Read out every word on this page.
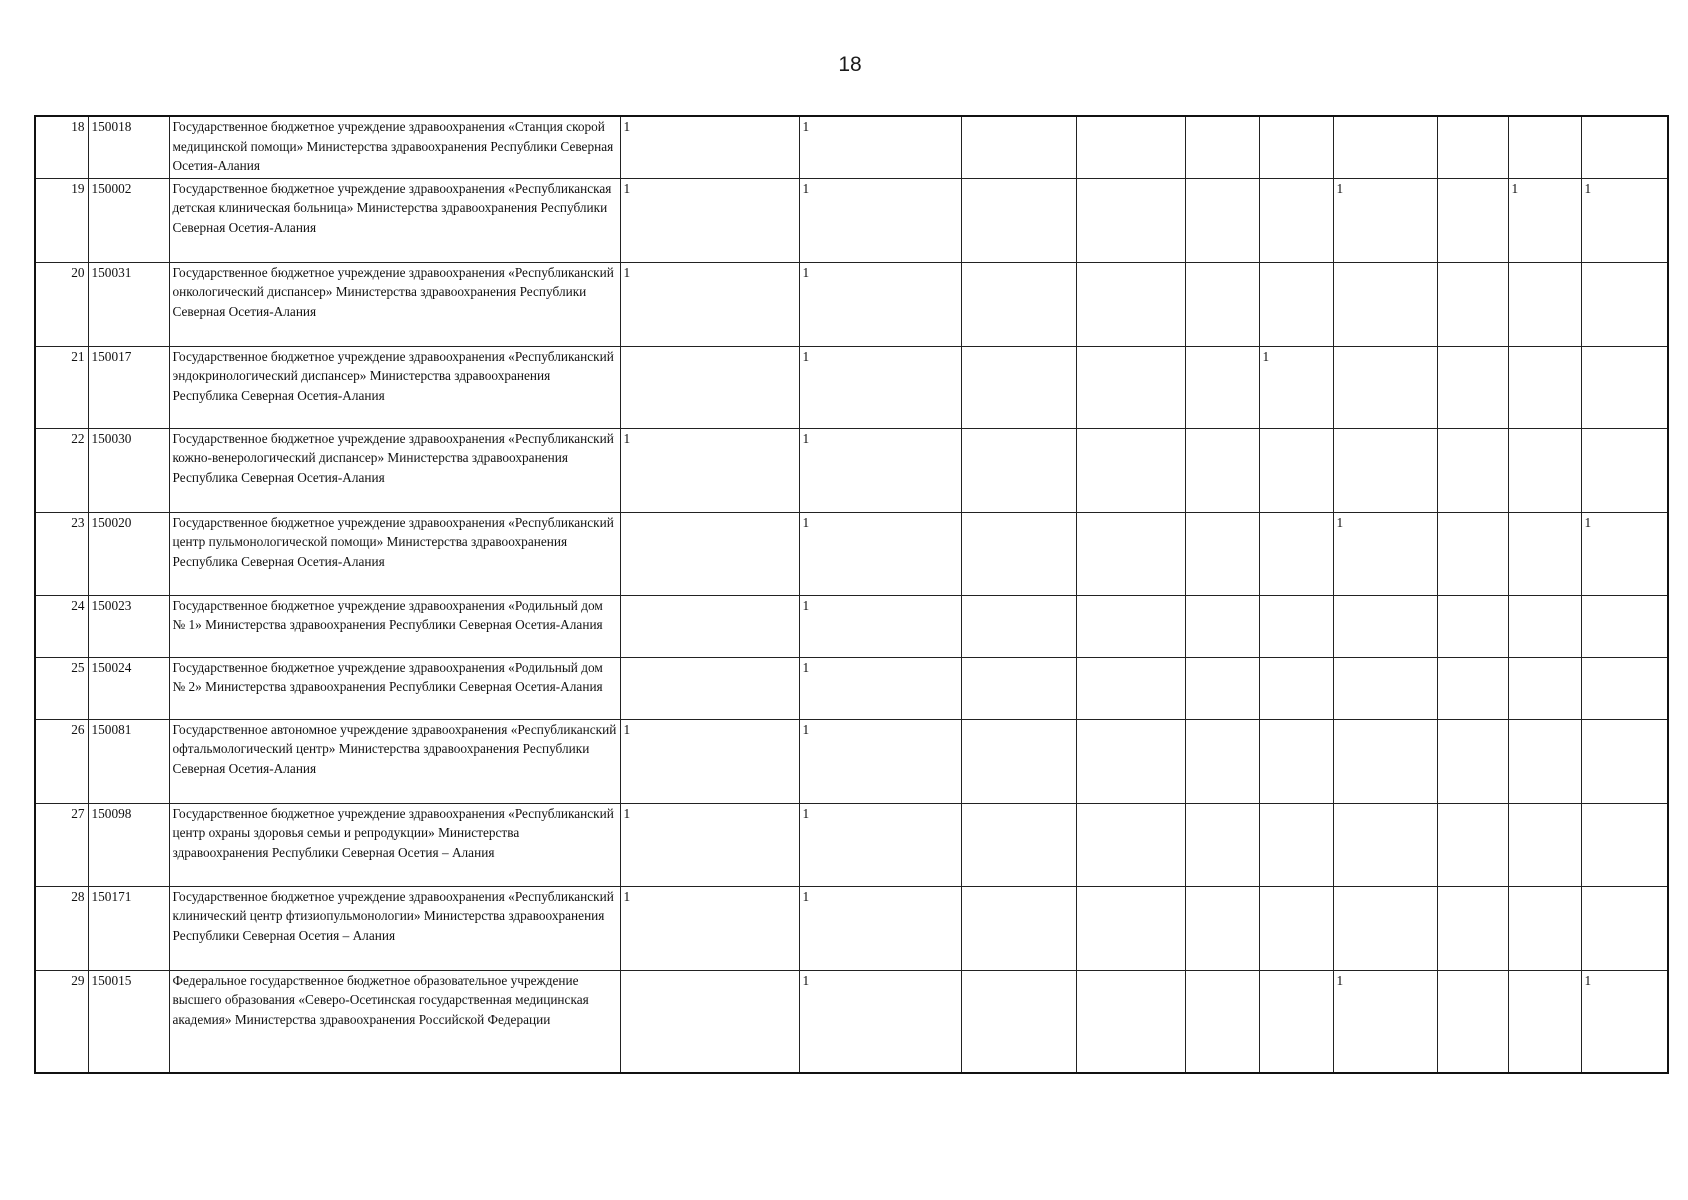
18
18	150018	Государственное бюджетное учреждение здравоохранения «Станция скорой медицинской помощи» Министерства здравоохранения Республики Северная Осетия-Алания	1	1								
19	150002	Государственное бюджетное учреждение здравоохранения «Республиканская детская клиническая больница» Министерства здравоохранения Республики Северная Осетия-Алания	1	1					1		1	1
20	150031	Государственное бюджетное учреждение здравоохранения «Республиканский онкологический диспансер» Министерства здравоохранения Республики Северная Осетия-Алания	1	1								
21	150017	Государственное бюджетное учреждение здравоохранения «Республиканский эндокринологический диспансер» Министерства здравоохранения Республика Северная Осетия-Алания		1				1				
22	150030	Государственное бюджетное учреждение здравоохранения «Республиканский кожно-венерологический диспансер» Министерства здравоохранения Республика Северная Осетия-Алания	1	1								
23	150020	Государственное бюджетное учреждение здравоохранения «Республиканский центр пульмонологической помощи» Министерства здравоохранения Республика Северная Осетия-Алания		1					1			1
24	150023	Государственное бюджетное учреждение здравоохранения «Родильный дом № 1» Министерства здравоохранения Республики Северная Осетия-Алания		1								
25	150024	Государственное бюджетное учреждение здравоохранения «Родильный дом № 2» Министерства здравоохранения Республики Северная Осетия-Алания		1								
26	150081	Государственное автономное учреждение здравоохранения «Республиканский офтальмологический центр» Министерства здравоохранения Республики Северная Осетия-Алания	1	1								
27	150098	Государственное бюджетное учреждение здравоохранения «Республиканский центр охраны здоровья семьи и репродукции» Министерства здравоохранения Республики Северная Осетия – Алания	1	1								
28	150171	Государственное бюджетное учреждение здравоохранения «Республиканский клинический центр фтизиопульмонологии» Министерства здравоохранения Республики Северная Осетия – Алания	1	1								
29	150015	Федеральное государственное бюджетное образовательное учреждение высшего образования «Северо-Осетинская государственная медицинская академия» Министерства здравоохранения Российской Федерации		1					1			1
